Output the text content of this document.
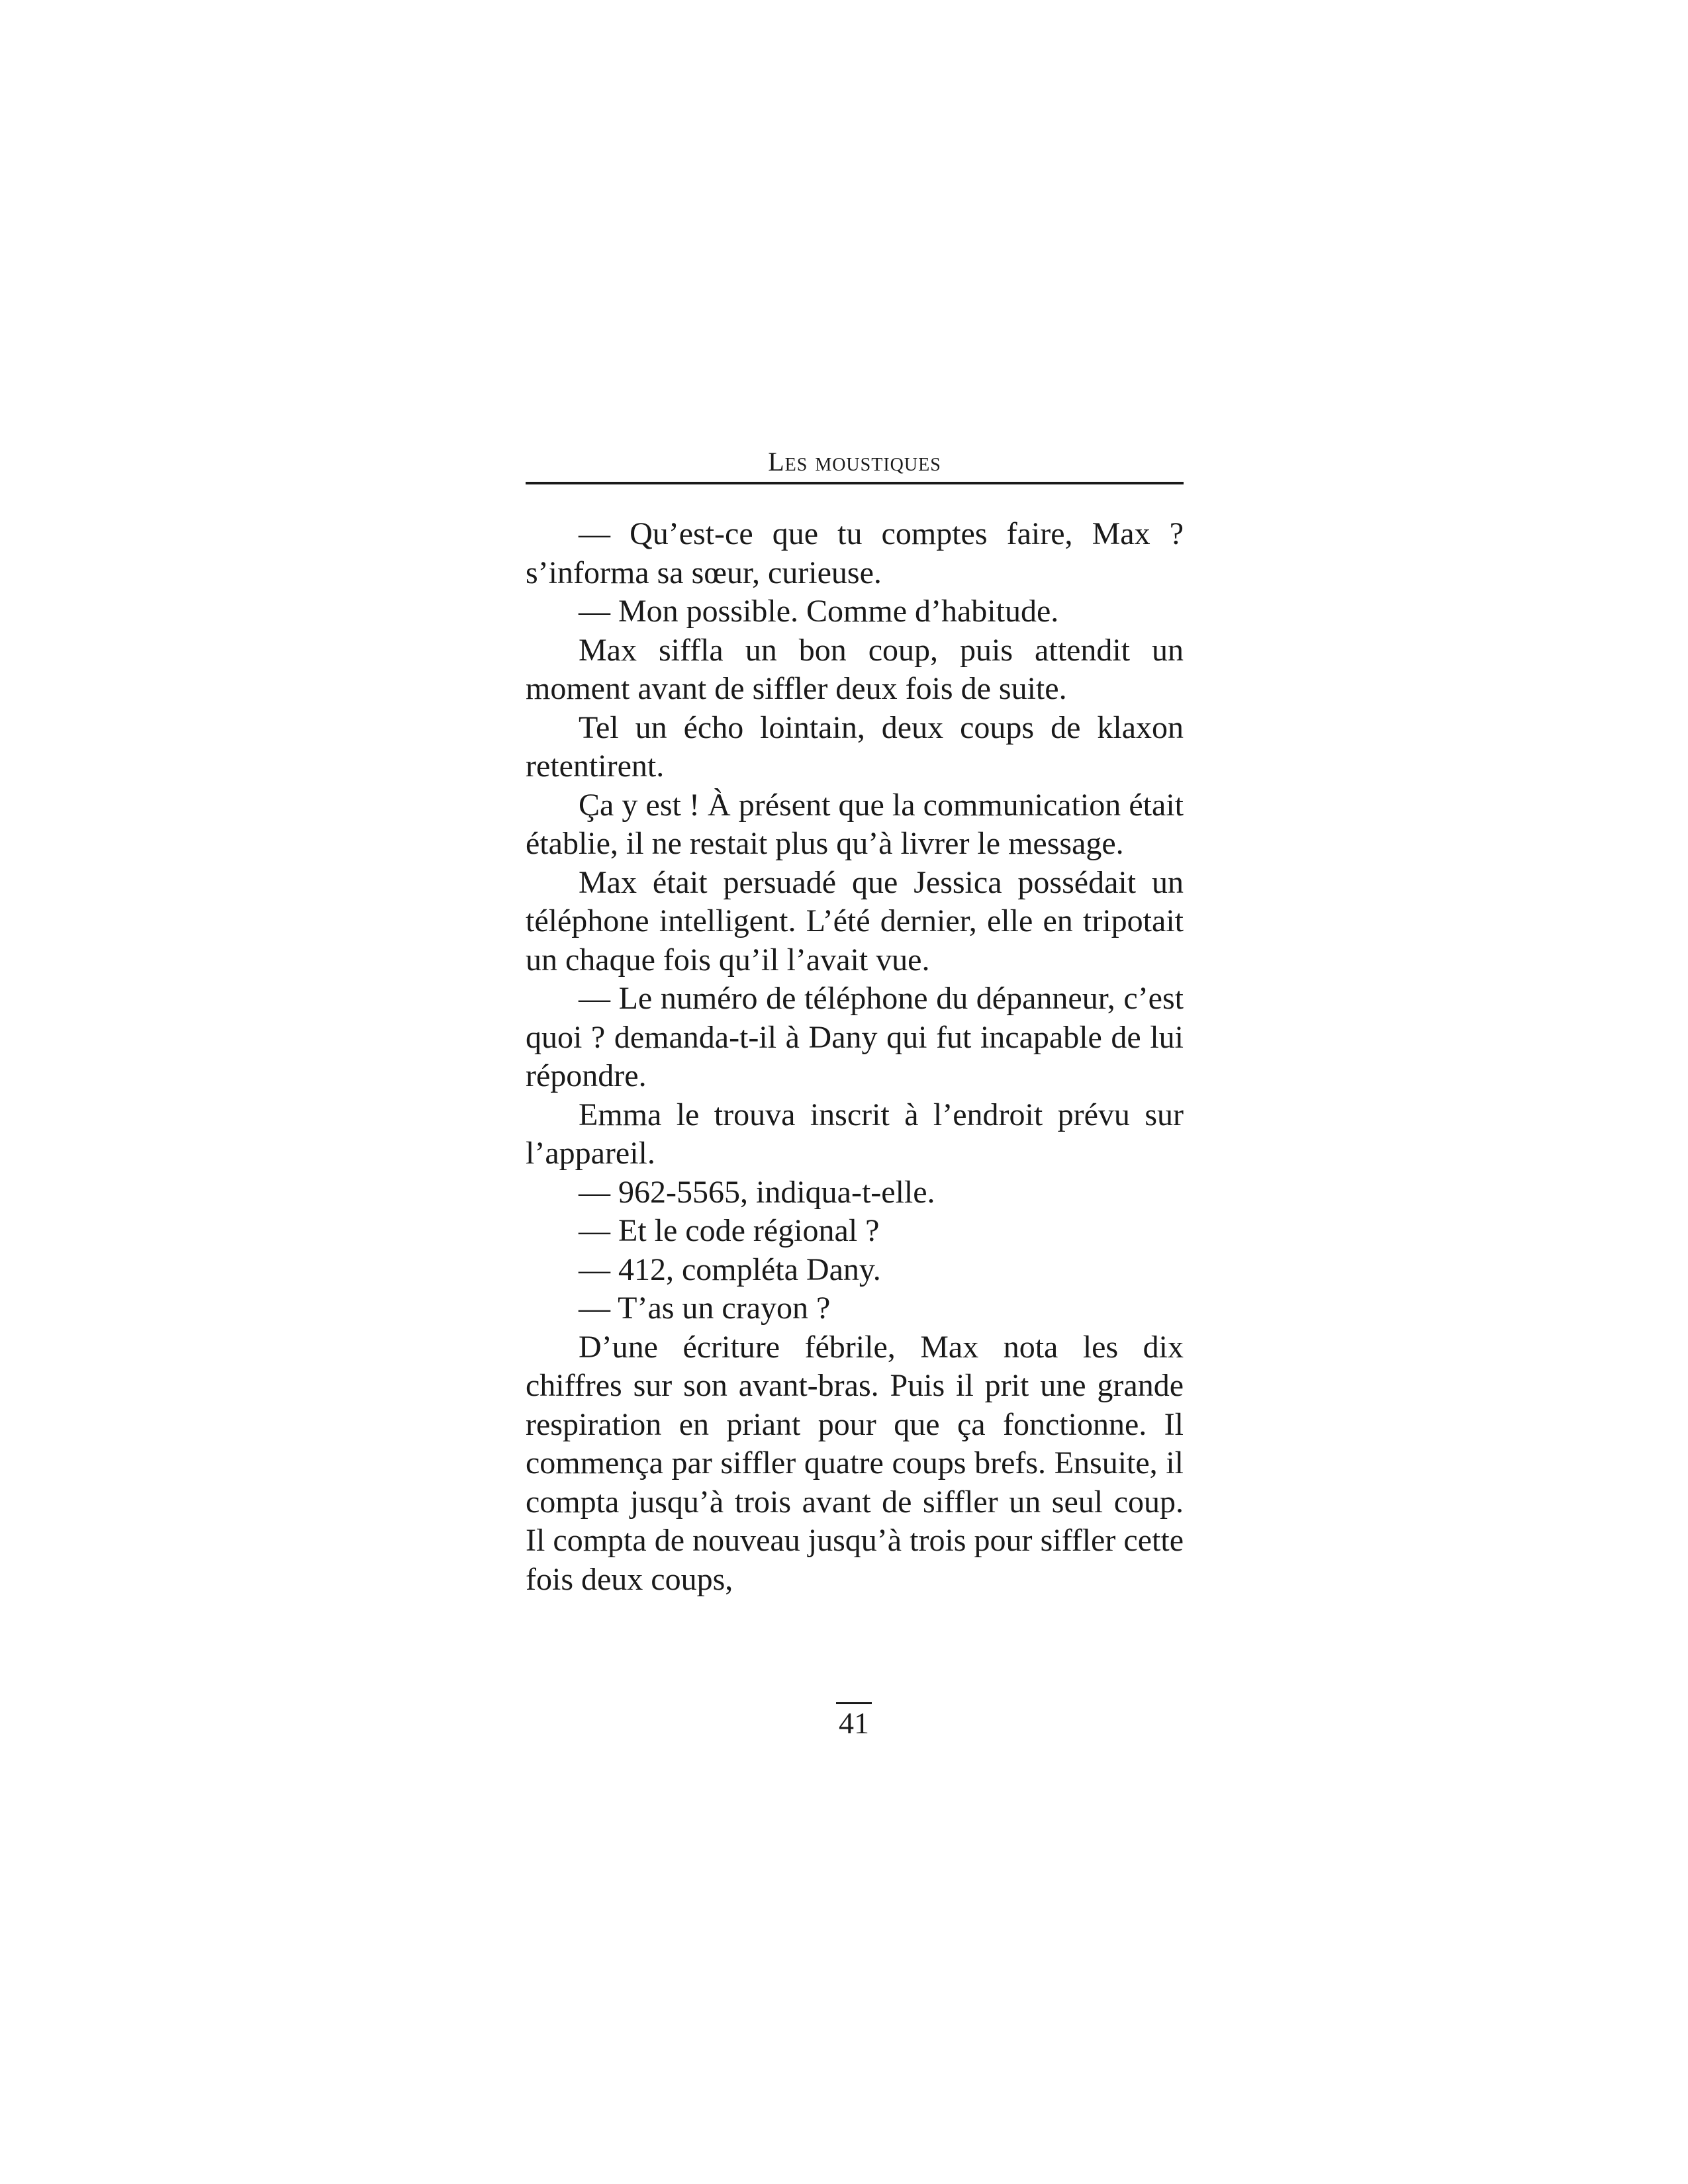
Les moustiques

— Qu’est-ce que tu comptes faire, Max ? s’informa sa sœur, curieuse.

— Mon possible. Comme d’habitude.

Max siffla un bon coup, puis attendit un moment avant de siffler deux fois de suite.

Tel un écho lointain, deux coups de klaxon retentirent.

Ça y est ! À présent que la communication était établie, il ne restait plus qu’à livrer le message.

Max était persuadé que Jessica possédait un téléphone intelligent. L’été dernier, elle en tripotait un chaque fois qu’il l’avait vue.

— Le numéro de téléphone du dépanneur, c’est quoi ? demanda-t-il à Dany qui fut incapable de lui répondre.

Emma le trouva inscrit à l’endroit prévu sur l’appareil.

— 962-5565, indiqua-t-elle.

— Et le code régional ?

— 412, compléta Dany.

— T’as un crayon ?

D’une écriture fébrile, Max nota les dix chiffres sur son avant-bras. Puis il prit une grande respiration en priant pour que ça fonctionne. Il commença par siffler quatre coups brefs. Ensuite, il compta jusqu’à trois avant de siffler un seul coup. Il compta de nouveau jusqu’à trois pour siffler cette fois deux coups,

41
